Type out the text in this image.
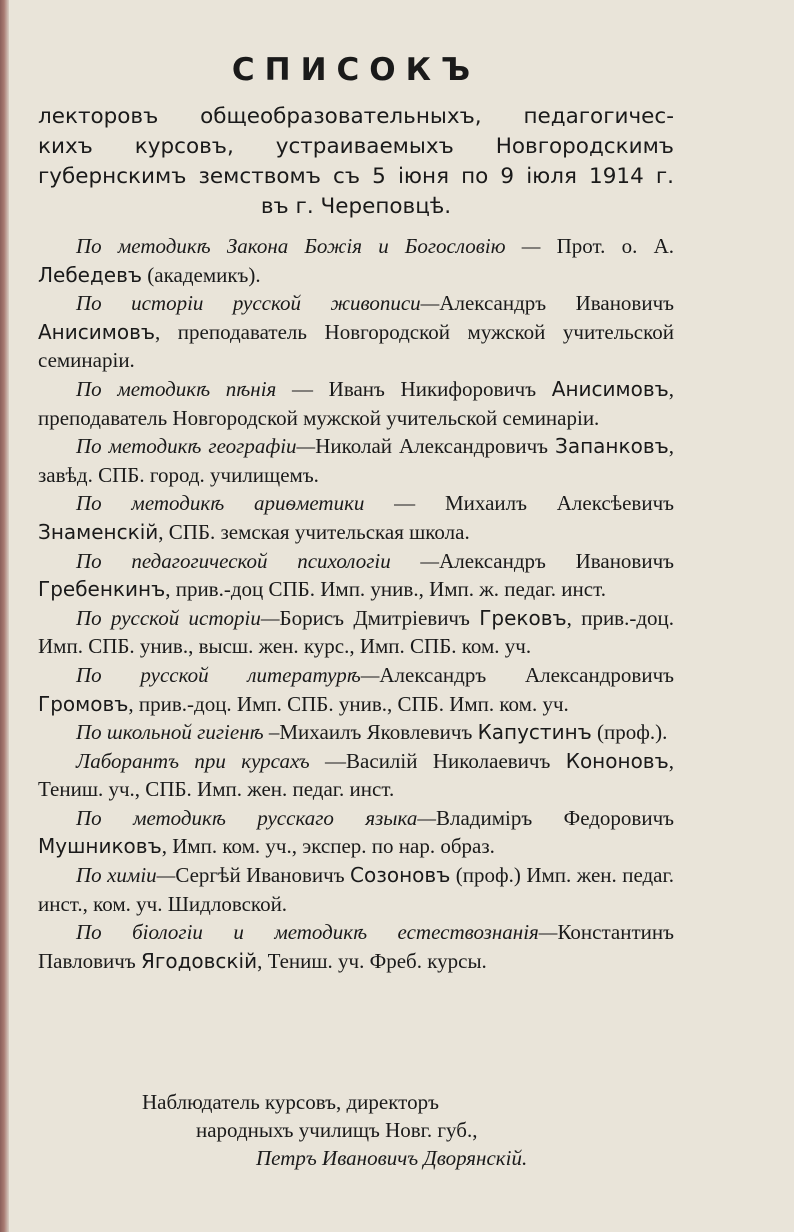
СПИСОКЪ
лекторовъ общеобразовательныхъ, педагогичес-
кихъ курсовъ, устраиваемыхъ Новгородскимъ
губернскимъ земствомъ съ 5 іюня по 9 іюля 1914 г.
въ г. Череповцѣ.

По методикѣ Закона Божія и Богословію — Прот. о. А. Лебедевъ (академикъ).

По исторіи русской живописи—Александръ Ивановичъ Анисимовъ, преподаватель Новгородской мужской учительской семинаріи.

По методикѣ пѣнія — Иванъ Никифоровичъ Анисимовъ, преподаватель Новгородской мужской учительской семинаріи.

По методикѣ географіи—Николай Александровичъ Запанковъ, завѣд. СПБ. город. училищемъ.

По методикѣ ариѳметики — Михаилъ Алексѣевичъ Знаменскій, СПБ. земская учительская школа.

По педагогической психологіи —Александръ Ивановичъ Гребенкинъ, прив.-доц СПБ. Имп. унив., Имп. ж. педаг. инст.

По русской исторіи—Борисъ Дмитріевичъ Грековъ, прив.-доц. Имп. СПБ. унив., высш. жен. курс., Имп. СПБ. ком. уч.

По русской литературѣ—Александръ Александровичъ Громовъ, прив.-доц. Имп. СПБ. унив., СПБ. Имп. ком. уч.

По школьной гигіенѣ –Михаилъ Яковлевичъ Капустинъ (проф.).

Лаборантъ при курсахъ —Василій Николаевичъ Кононовъ, Тениш. уч., СПБ. Имп. жен. педаг. инст.

По методикѣ русскаго языка—Владиміръ Федоровичъ Мушниковъ, Имп. ком. уч., экспер. по нар. образ.

По химіи—Сергѣй Ивановичъ Созоновъ (проф.) Имп. жен. педаг. инст., ком. уч. Шидловской.

По біологіи и методикѣ естествознанія—Константинъ Павловичъ Ягодовскій, Тениш. уч. Фреб. курсы.

Наблюдатель курсовъ, директоръ
народныхъ училищъ Новг. губ.,
Петръ Ивановичъ Дворянскій.
